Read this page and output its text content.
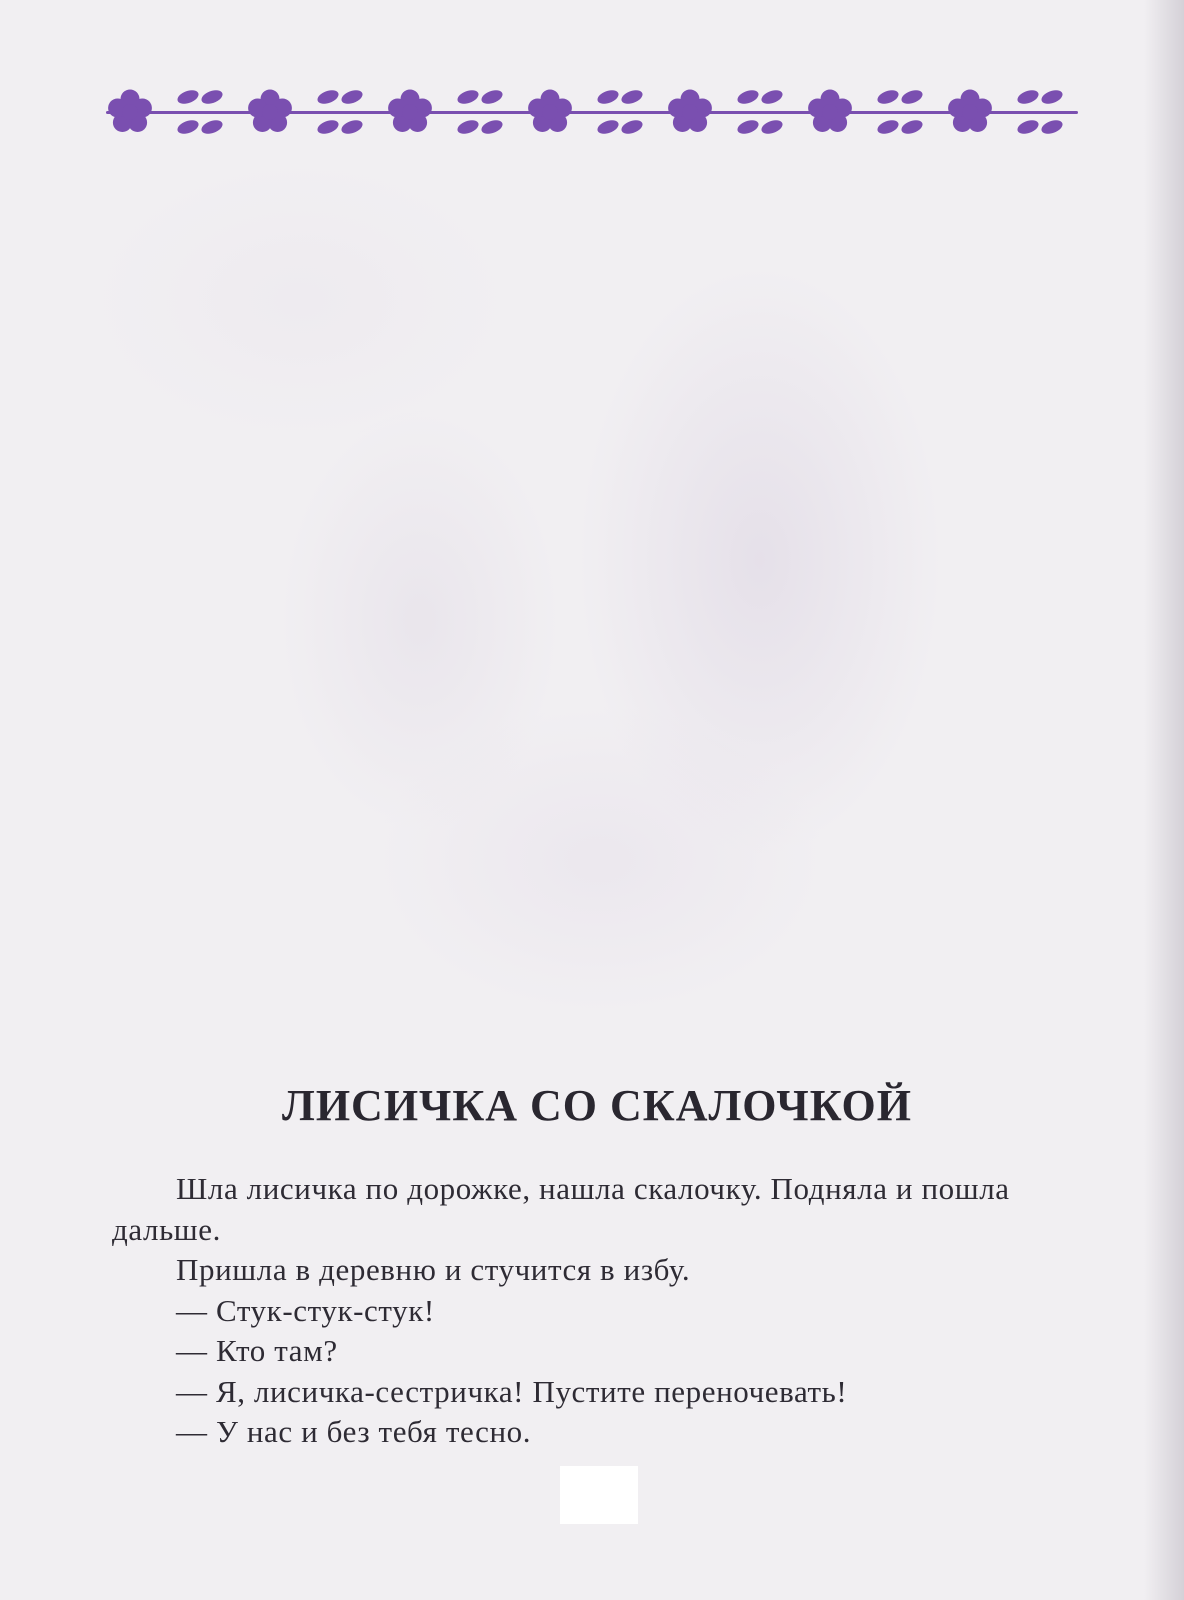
ЛИСИЧКА СО СКАЛОЧКОЙ

Шла лисичка по дорожке, нашла скалочку. Подняла и пошла дальше.

Пришла в деревню и стучится в избу.

— Стук-стук-стук!

— Кто там?

— Я, лисичка-сестричка! Пустите переночевать!

— У нас и без тебя тесно.
